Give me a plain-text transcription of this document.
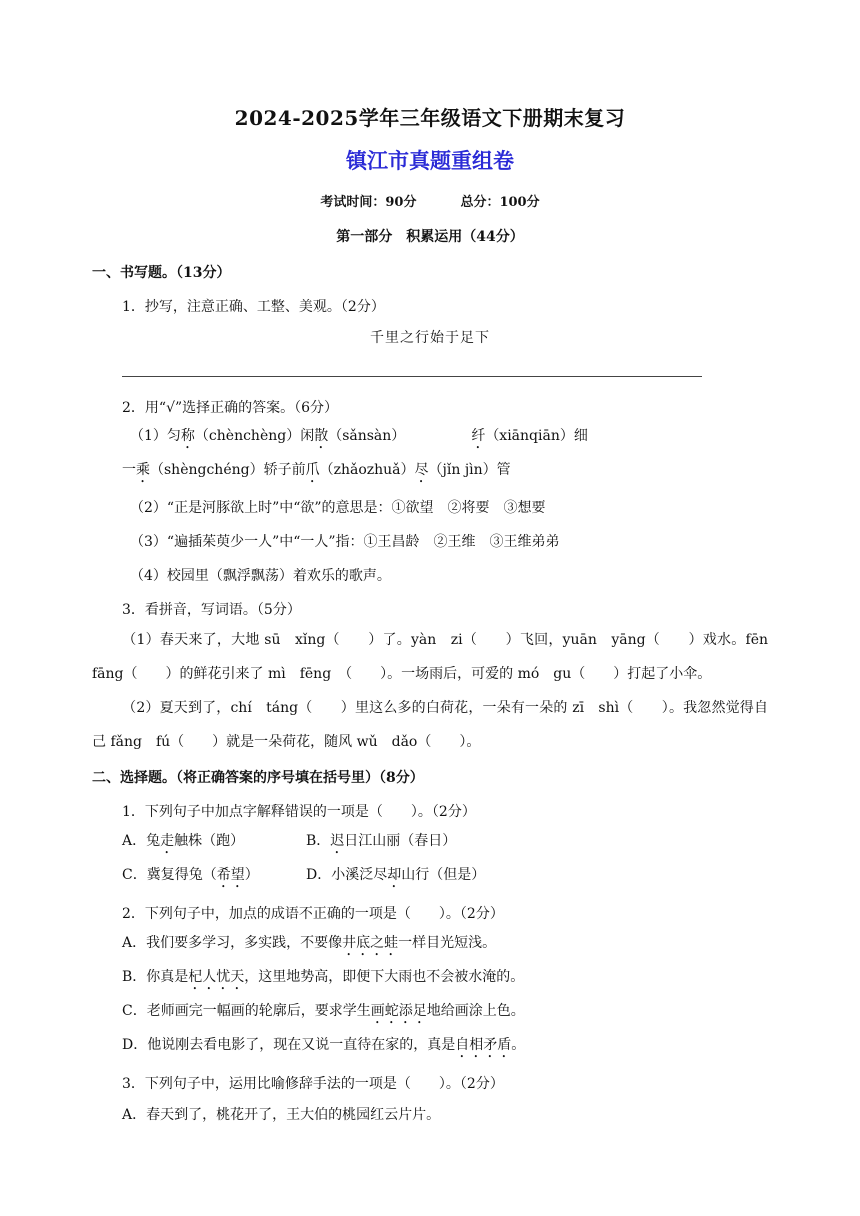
2024-2025学年三年级语文下册期末复习
镇江市真题重组卷
考试时间：90分	总分：100分
第一部分　积累运用（44分）
一、书写题。（13分）
1．抄写，注意正确、工整、美观。（2分）
千里之行始于足下
2．用“√”选择正确的答案。（6分）
（1）匀称（chènchèng）闲散（sǎnsàn）	纤（xiānqiān）细
一乘（shèngchéng）轿子前爪（zhǎozhuǎ）尽（jǐn jìn）管
（2）“正是河豚欲上时”中“欲”的意思是：①欲望　②将要　③想要
（3）“遍插茱萸少一人”中“一人”指：①王昌龄　②王维　③王维弟弟
（4）校园里（飘浮飘荡）着欢乐的歌声。
3．看拼音，写词语。（5分）
（1）春天来了，大地 sū　xǐng（　　）了。yàn　zi（　　）飞回，yuān　yāng（　　）戏水。fēn　fāng（　　）的鲜花引来了 mì　fēng　（　　）。一场雨后，可爱的 mó　gu（　　）打起了小伞。
（2）夏天到了，chí　táng（　　）里这么多的白荷花，一朵有一朵的 zī　shì（　　）。我忽然觉得自己 fǎng　fú（　　）就是一朵荷花，随风 wǔ　dǎo（　　）。
二、选择题。（将正确答案的序号填在括号里）（8分）
1．下列句子中加点字解释错误的一项是（　　）。（2分）
A．兔走触株（跑）	B．迟日江山丽（春日）
C．冀复得兔（希望）	D．小溪泛尽却山行（但是）
2．下列句子中，加点的成语不正确的一项是（　　）。（2分）
A．我们要多学习，多实践，不要像井底之蛙一样目光短浅。
B．你真是杞人忧天，这里地势高，即便下大雨也不会被水淹的。
C．老师画完一幅画的轮廓后，要求学生画蛇添足地给画涂上色。
D．他说刚去看电影了，现在又说一直待在家的，真是自相矛盾。
3．下列句子中，运用比喻修辞手法的一项是（　　）。（2分）
A．春天到了，桃花开了，王大伯的桃园红云片片。
